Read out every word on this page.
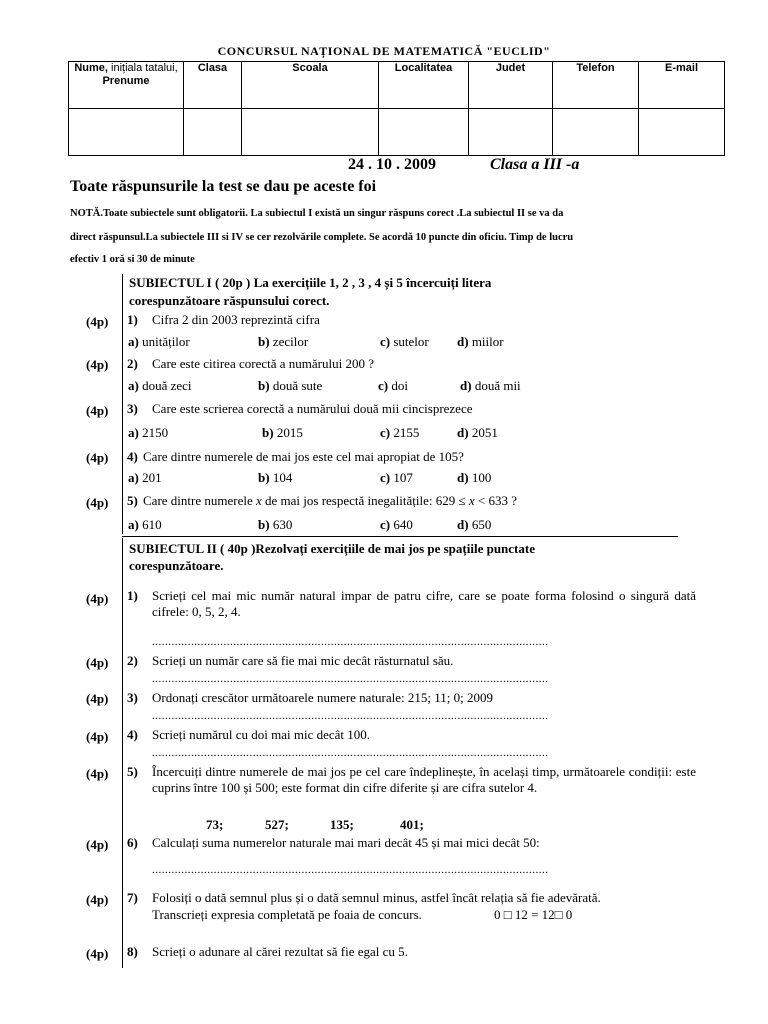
CONCURSUL NAȚIONAL DE MATEMATICĂ "EUCLID"
Nume, inițiala tatalui,
Prenume	Clasa	Scoala	Localitatea	Judet	Telefon	E-mail

24 . 10 . 2009	Clasa a III -a
Toate răspunsurile la test se dau pe aceste foi
NOTĂ.Toate subiectele sunt obligatorii. La subiectul I există un singur răspuns corect .La subiectul II se va da
direct răspunsul.La subiectele III si IV se cer rezolvările complete. Se acordă 10 puncte din oficiu. Timp de lucru
efectiv 1 oră si 30 de minute
SUBIECTUL I ( 20p ) La exercițiile 1, 2 , 3 , 4 și 5 încercuiți litera
corespunzătoare răspunsului corect.
(4p) 1) Cifra 2 din 2003 reprezintă cifra
a) unităților	b) zecilor	c) sutelor d) miilor
(4p) 2) Care este citirea corectă a numărului 200 ?
a) două zeci	b) două sute	c) doi	d) două mii
(4p) 3) Care este scrierea corectă a numărului două mii cincisprezece
a) 2150	b) 2015	c) 2155	d) 2051
(4p) 4) Care dintre numerele de mai jos este cel mai apropiat de 105?
a) 201	b) 104	c) 107	d) 100
(4p) 5) Care dintre numerele x de mai jos respectă inegalitățile: 629 ≤ x < 633 ?
a) 610	b) 630	c) 640	d) 650
SUBIECTUL II ( 40p )Rezolvați exercițiile de mai jos pe spațiile punctate
corespunzătoare.
(4p) 1) Scrieți cel mai mic număr natural impar de patru cifre, care se poate forma folosind o singură dată cifrele: 0, 5, 2, 4.
..........................................................................................................................
(4p) 2) Scrieți un număr care să fie mai mic decât răsturnatul său.
..........................................................................................................................
(4p) 3) Ordonați crescător următoarele numere naturale: 215; 11; 0; 2009
..........................................................................................................................
(4p) 4) Scrieți numărul cu doi mai mic decât 100.
..........................................................................................................................
(4p) 5) Încercuiți dintre numerele de mai jos pe cel care îndeplinește, în același timp, următoarele condiții: este cuprins între 100 și 500; este format din cifre diferite și are cifra sutelor 4.
73;	527;	135;	401;
(4p) 6) Calculați suma numerelor naturale mai mari decât 45 și mai mici decât 50:
..........................................................................................................................
(4p) 7) Folosiți o dată semnul plus și o dată semnul minus, astfel încât relația să fie adevărată.
Transcrieți expresia completată pe foaia de concurs.	0 □ 12 = 12□ 0
(4p) 8) Scrieți o adunare al cărei rezultat să fie egal cu 5.
